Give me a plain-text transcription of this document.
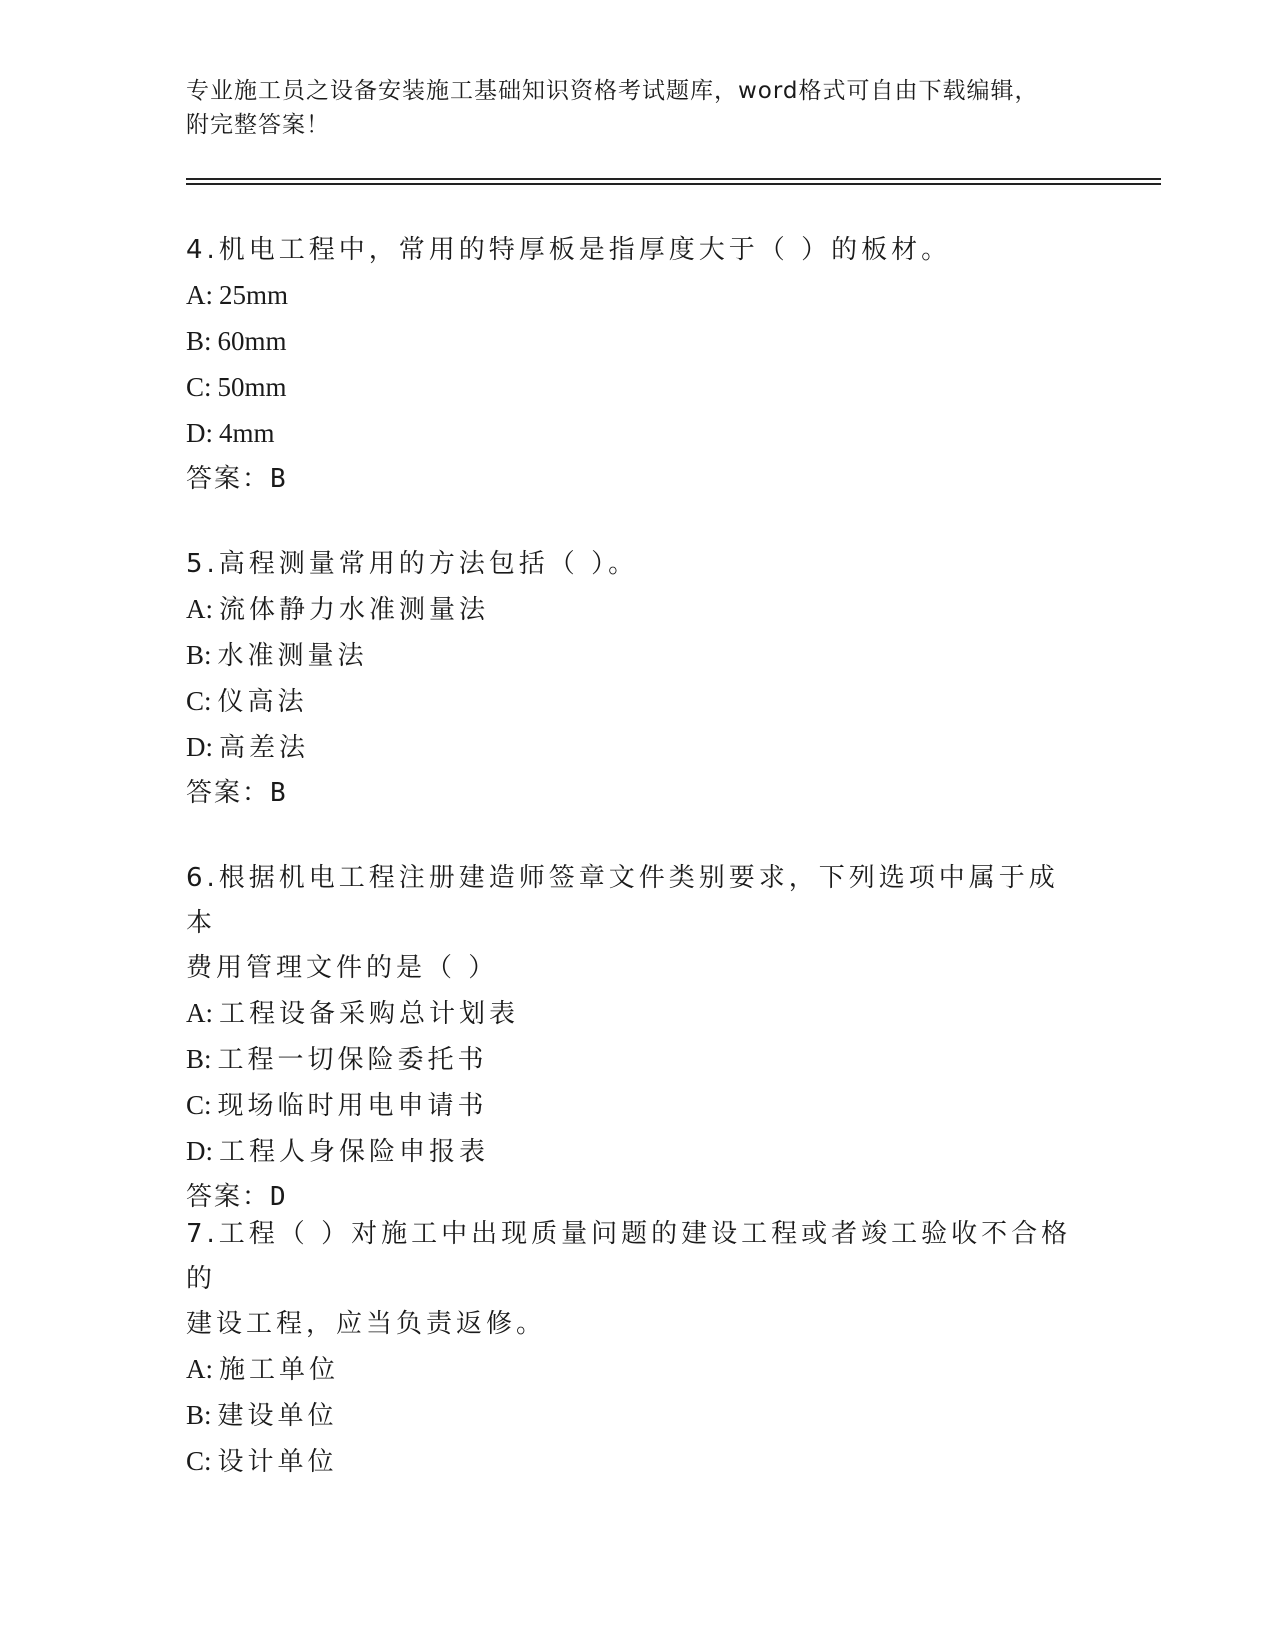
专业施工员之设备安装施工基础知识资格考试题库，word格式可自由下载编辑，
附完整答案！
4.机电工程中，常用的特厚板是指厚度大于（ ）的板材。
A: 25mm
B: 60mm
C: 50mm
D: 4mm
答案：B
5.高程测量常用的方法包括（ ）。
A: 流体静力水准测量法
B: 水准测量法
C: 仪高法
D: 高差法
答案：B
6.根据机电工程注册建造师签章文件类别要求，下列选项中属于成本
费用管理文件的是（ ）
A: 工程设备采购总计划表
B: 工程一切保险委托书
C: 现场临时用电申请书
D: 工程人身保险申报表
答案：D
7.工程（ ）对施工中出现质量问题的建设工程或者竣工验收不合格的
建设工程，应当负责返修。
A: 施工单位
B: 建设单位
C: 设计单位
